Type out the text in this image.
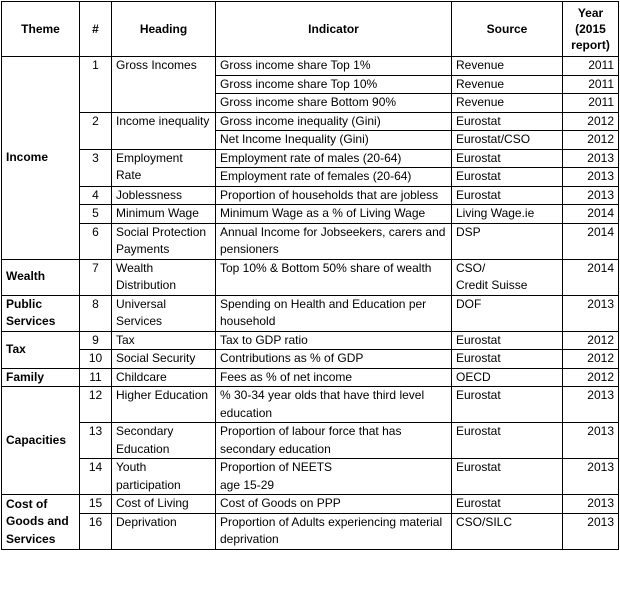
Theme	#	Heading	Indicator	Source	Year
(2015
report)
Income	1	Gross Incomes	Gross income share Top 1%	Revenue	2011
			Gross income share Top 10%	Revenue	2011
			Gross income share Bottom 90%	Revenue	2011
	2	Income inequality	Gross income inequality (Gini)	Eurostat	2012
			Net Income Inequality (Gini)	Eurostat/CSO	2012
	3	Employment Rate	Employment rate of males (20-64)	Eurostat	2013
			Employment rate of females (20-64)	Eurostat	2013
	4	Joblessness	Proportion of households that are jobless	Eurostat	2013
	5	Minimum Wage	Minimum Wage as a % of Living Wage	Living Wage.ie	2014
	6	Social Protection Payments	Annual Income for Jobseekers, carers and pensioners	DSP	2014
Wealth	7	Wealth Distribution	Top 10% & Bottom 50% share of wealth	CSO/
Credit Suisse	2014
Public Services	8	Universal Services	Spending on Health and Education per household	DOF	2013
Tax	9	Tax	Tax to GDP ratio	Eurostat	2012
	10	Social Security	Contributions as % of GDP	Eurostat	2012
Family	11	Childcare	Fees as % of net income	OECD	2012
Capacities	12	Higher Education	% 30-34 year olds that have third level education	Eurostat	2013
	13	Secondary Education	Proportion of labour force that has secondary education	Eurostat	2013
	14	Youth participation	Proportion of NEETS
age 15-29	Eurostat	2013
Cost of Goods and Services	15	Cost of Living	Cost of Goods on PPP	Eurostat	2013
	16	Deprivation	Proportion of Adults experiencing material deprivation	CSO/SILC	2013
